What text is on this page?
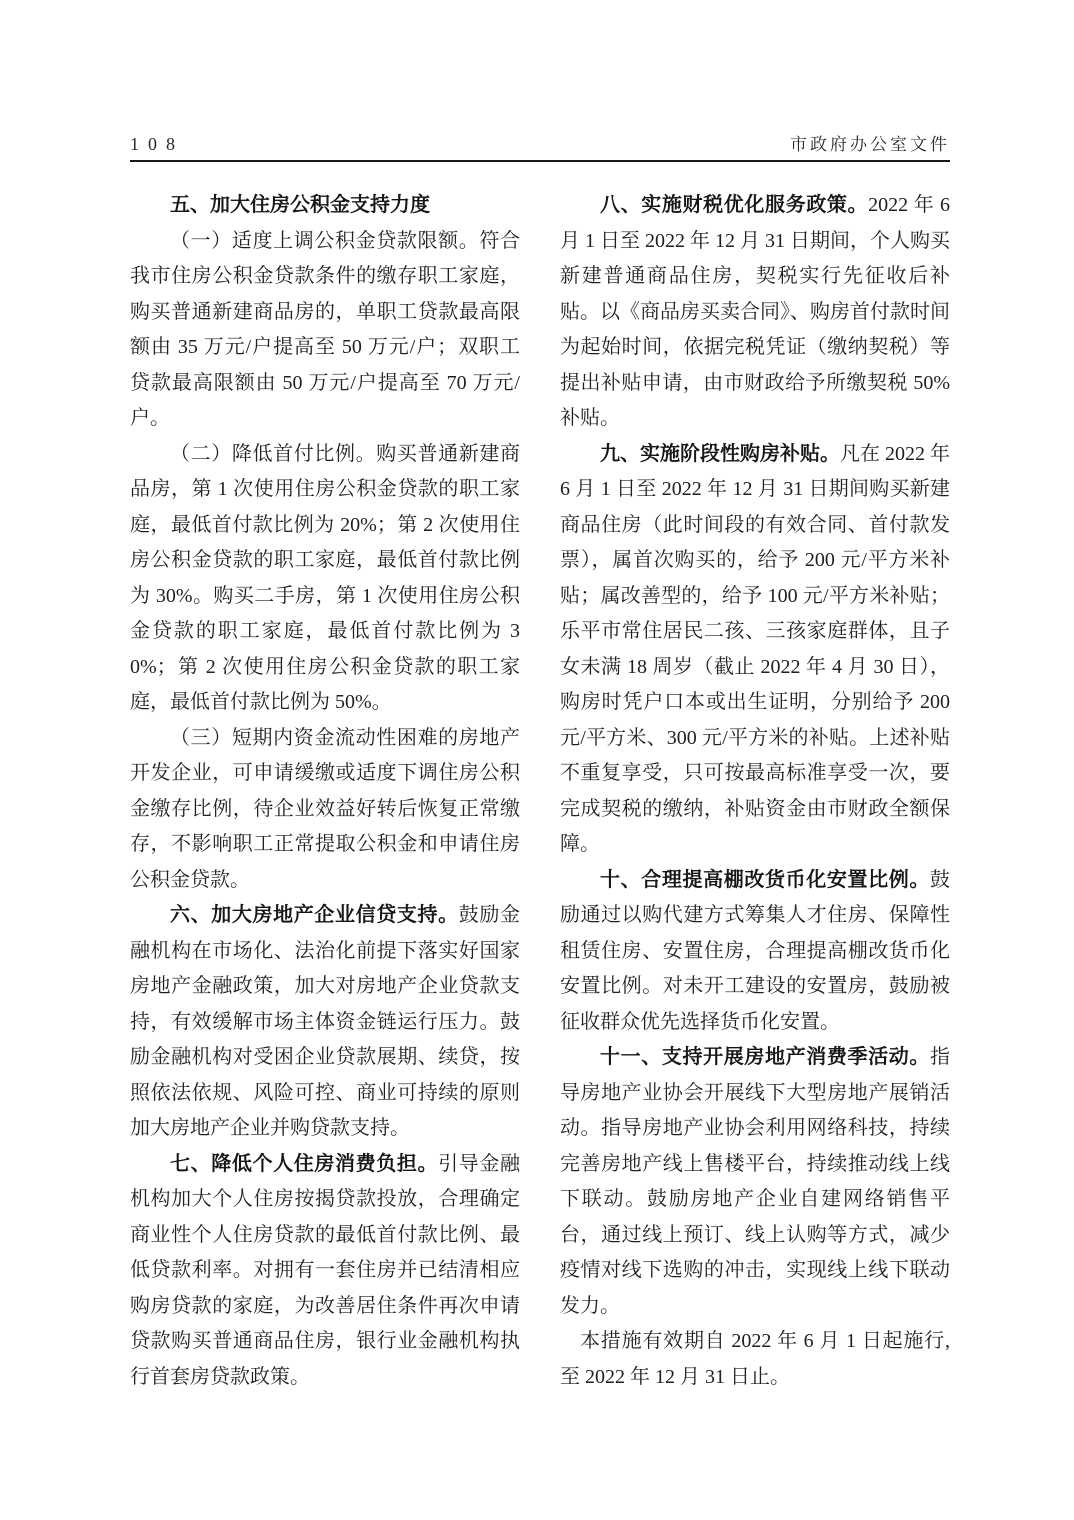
108	市政府办公室文件

五、加大住房公积金支持力度

（一）适度上调公积金贷款限额。符合我市住房公积金贷款条件的缴存职工家庭，购买普通新建商品房的，单职工贷款最高限额由 35 万元/户提高至 50 万元/户；双职工贷款最高限额由 50 万元/户提高至 70 万元/户。

（二）降低首付比例。购买普通新建商品房，第 1 次使用住房公积金贷款的职工家庭，最低首付款比例为 20%；第 2 次使用住房公积金贷款的职工家庭，最低首付款比例为 30%。购买二手房，第 1 次使用住房公积金贷款的职工家庭，最低首付款比例为 30%；第 2 次使用住房公积金贷款的职工家庭，最低首付款比例为 50%。

（三）短期内资金流动性困难的房地产开发企业，可申请缓缴或适度下调住房公积金缴存比例，待企业效益好转后恢复正常缴存，不影响职工正常提取公积金和申请住房公积金贷款。

六、加大房地产企业信贷支持。鼓励金融机构在市场化、法治化前提下落实好国家房地产金融政策，加大对房地产企业贷款支持，有效缓解市场主体资金链运行压力。鼓励金融机构对受困企业贷款展期、续贷，按照依法依规、风险可控、商业可持续的原则加大房地产企业并购贷款支持。

七、降低个人住房消费负担。引导金融机构加大个人住房按揭贷款投放，合理确定商业性个人住房贷款的最低首付款比例、最低贷款利率。对拥有一套住房并已结清相应购房贷款的家庭，为改善居住条件再次申请贷款购买普通商品住房，银行业金融机构执行首套房贷款政策。

八、实施财税优化服务政策。2022 年 6 月 1 日至 2022 年 12 月 31 日期间，个人购买新建普通商品住房，契税实行先征收后补贴。以《商品房买卖合同》、购房首付款时间为起始时间，依据完税凭证（缴纳契税）等提出补贴申请，由市财政给予所缴契税 50%补贴。

九、实施阶段性购房补贴。凡在 2022 年 6 月 1 日至 2022 年 12 月 31 日期间购买新建商品住房（此时间段的有效合同、首付款发票），属首次购买的，给予 200 元/平方米补贴；属改善型的，给予 100 元/平方米补贴；乐平市常住居民二孩、三孩家庭群体，且子女未满 18 周岁（截止 2022 年 4 月 30 日），购房时凭户口本或出生证明，分别给予 200 元/平方米、300 元/平方米的补贴。上述补贴不重复享受，只可按最高标准享受一次，要完成契税的缴纳，补贴资金由市财政全额保障。

十、合理提高棚改货币化安置比例。鼓励通过以购代建方式筹集人才住房、保障性租赁住房、安置住房，合理提高棚改货币化安置比例。对未开工建设的安置房，鼓励被征收群众优先选择货币化安置。

十一、支持开展房地产消费季活动。指导房地产业协会开展线下大型房地产展销活动。指导房地产业协会利用网络科技，持续完善房地产线上售楼平台，持续推动线上线下联动。鼓励房地产企业自建网络销售平台，通过线上预订、线上认购等方式，减少疫情对线下选购的冲击，实现线上线下联动发力。

本措施有效期自 2022 年 6 月 1 日起施行,至 2022 年 12 月 31 日止。
